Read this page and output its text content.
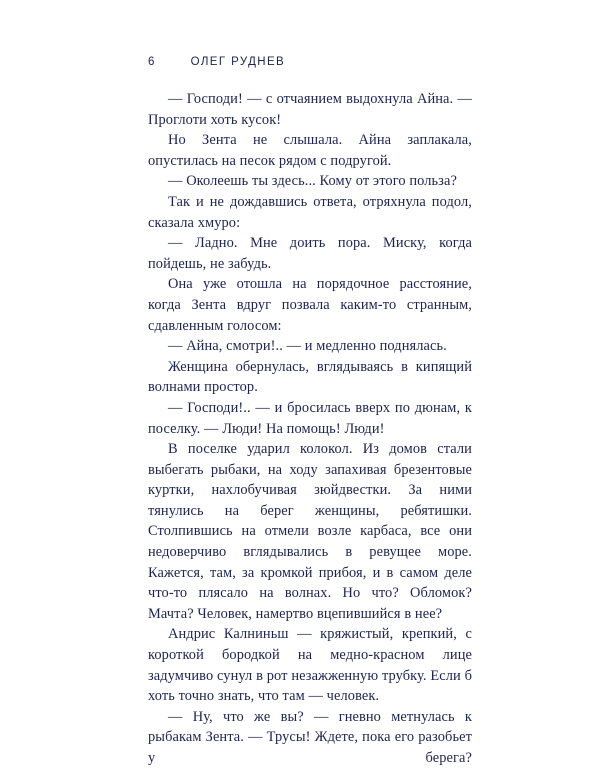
6	ОЛЕГ РУДНЕВ

— Господи! — с отчаянием выдохнула Айна. — Проглоти хоть кусок!

Но Зента не слышала. Айна заплакала, опустилась на песок рядом с подругой.

— Околеешь ты здесь... Кому от этого польза?

Так и не дождавшись ответа, отряхнула подол, сказала хмуро:

— Ладно. Мне доить пора. Миску, когда пойдешь, не забудь.

Она уже отошла на порядочное расстояние, когда Зента вдруг позвала каким-то странным, сдавленным голосом:

— Айна, смотри!.. — и медленно поднялась.

Женщина обернулась, вглядываясь в кипящий волнами простор.

— Господи!.. — и бросилась вверх по дюнам, к поселку. — Люди! На помощь! Люди!

В поселке ударил колокол. Из домов стали выбегать рыбаки, на ходу запахивая брезентовые куртки, нахлобучивая зюйдвестки. За ними тянулись на берег женщины, ребятишки. Столпившись на отмели возле карбаса, все они недоверчиво вглядывались в ревущее море. Кажется, там, за кромкой прибоя, и в самом деле что-то плясало на волнах. Но что? Обломок? Мачта? Человек, намертво вцепившийся в нее?

Андрис Калниньш — кряжистый, крепкий, с короткой бородкой на медно-красном лице задумчиво сунул в рот незажженную трубку. Если б хоть точно знать, что там — человек.

— Ну, что же вы? — гневно метнулась к рыбакам Зента. — Трусы! Ждете, пока его разобьет у берега?
